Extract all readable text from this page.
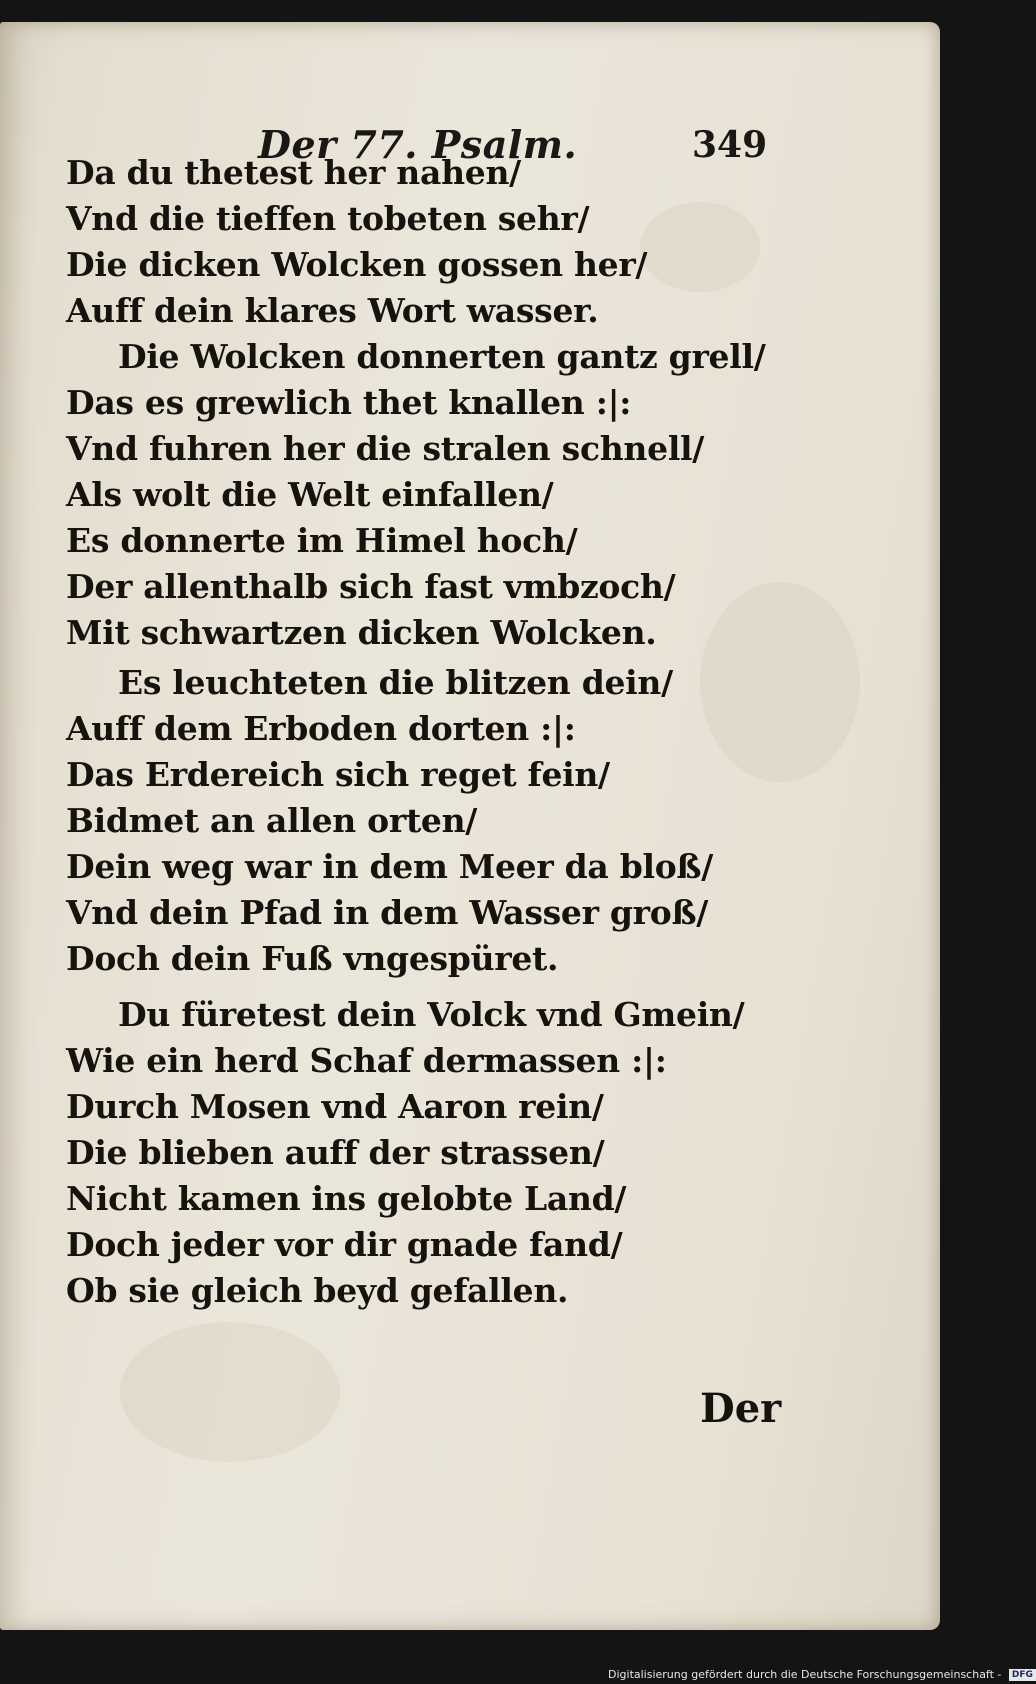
Der 77. Psalm.	349
Da du thetest her nahen/
Vnd die tieffen tobeten sehr/
Die dicken Wolcken gossen her/
Auff dein klares Wort wasser.
Die Wolcken donnerten gantz grell/
Das es grewlich thet knallen :|:
Vnd fuhren her die stralen schnell/
Als wolt die Welt einfallen/
Es donnerte im Himel hoch/
Der allenthalb sich fast vmbzoch/
Mit schwartzen dicken Wolcken.
Es leuchteten die blitzen dein/
Auff dem Erboden dorten :|:
Das Erdereich sich reget fein/
Bidmet an allen orten/
Dein weg war in dem Meer da bloß/
Vnd dein Pfad in dem Wasser groß/
Doch dein Fuß vngespüret.
Du füretest dein Volck vnd Gmein/
Wie ein herd Schaf dermassen :|:
Durch Mosen vnd Aaron rein/
Die blieben auff der strassen/
Nicht kamen ins gelobte Land/
Doch jeder vor dir gnade fand/
Ob sie gleich beyd gefallen.
Der
Digitalisierung gefördert durch die Deutsche Forschungsgemeinschaft - DFG
